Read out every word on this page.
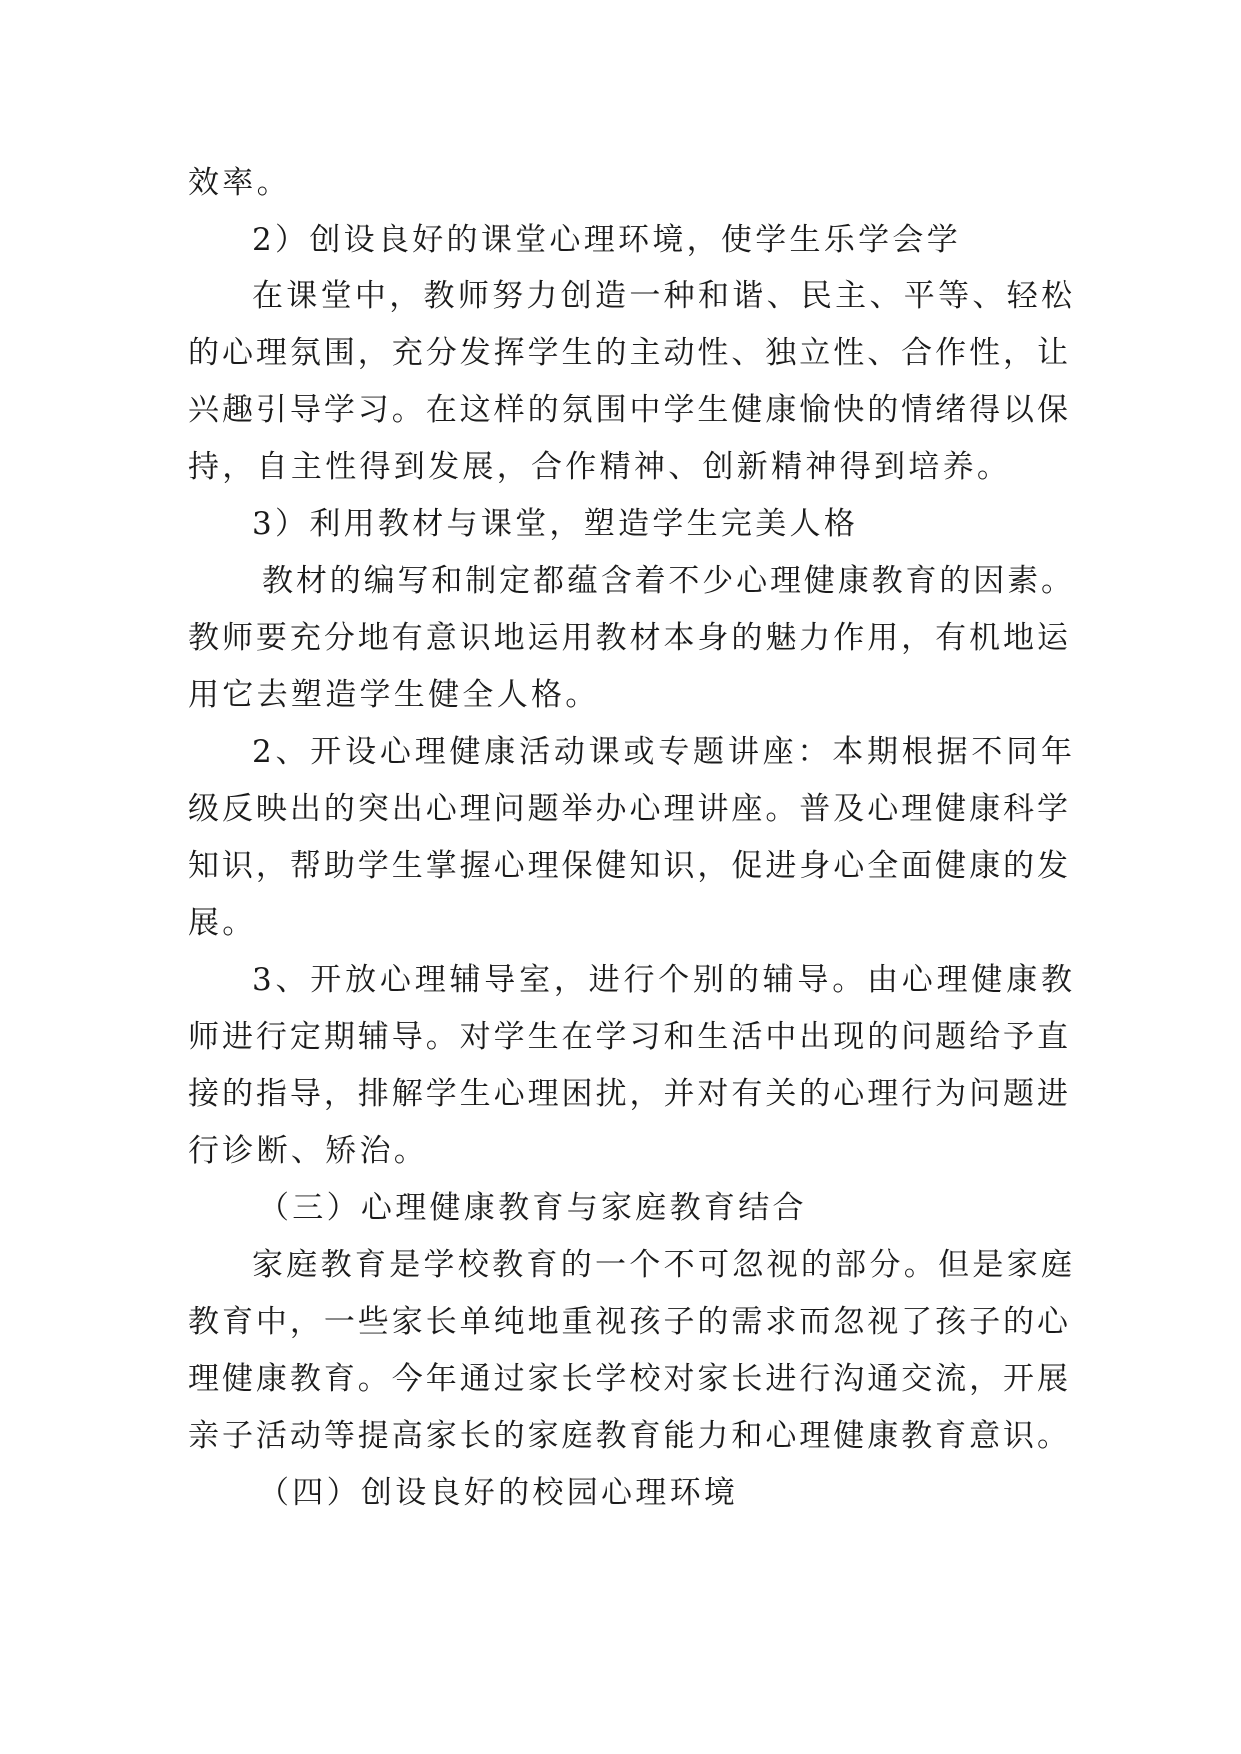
效率。
2）创设良好的课堂心理环境，使学生乐学会学
在课堂中，教师努力创造一种和谐、民主、平等、轻松
的心理氛围，充分发挥学生的主动性、独立性、合作性，让
兴趣引导学习。在这样的氛围中学生健康愉快的情绪得以保
持，自主性得到发展，合作精神、创新精神得到培养。
3）利用教材与课堂，塑造学生完美人格
教材的编写和制定都蕴含着不少心理健康教育的因素。
教师要充分地有意识地运用教材本身的魅力作用，有机地运
用它去塑造学生健全人格。
2、开设心理健康活动课或专题讲座：本期根据不同年
级反映出的突出心理问题举办心理讲座。普及心理健康科学
知识，帮助学生掌握心理保健知识，促进身心全面健康的发
展。
3、开放心理辅导室，进行个别的辅导。由心理健康教
师进行定期辅导。对学生在学习和生活中出现的问题给予直
接的指导，排解学生心理困扰，并对有关的心理行为问题进
行诊断、矫治。
（三）心理健康教育与家庭教育结合
家庭教育是学校教育的一个不可忽视的部分。但是家庭
教育中，一些家长单纯地重视孩子的需求而忽视了孩子的心
理健康教育。今年通过家长学校对家长进行沟通交流，开展
亲子活动等提高家长的家庭教育能力和心理健康教育意识。
（四）创设良好的校园心理环境
